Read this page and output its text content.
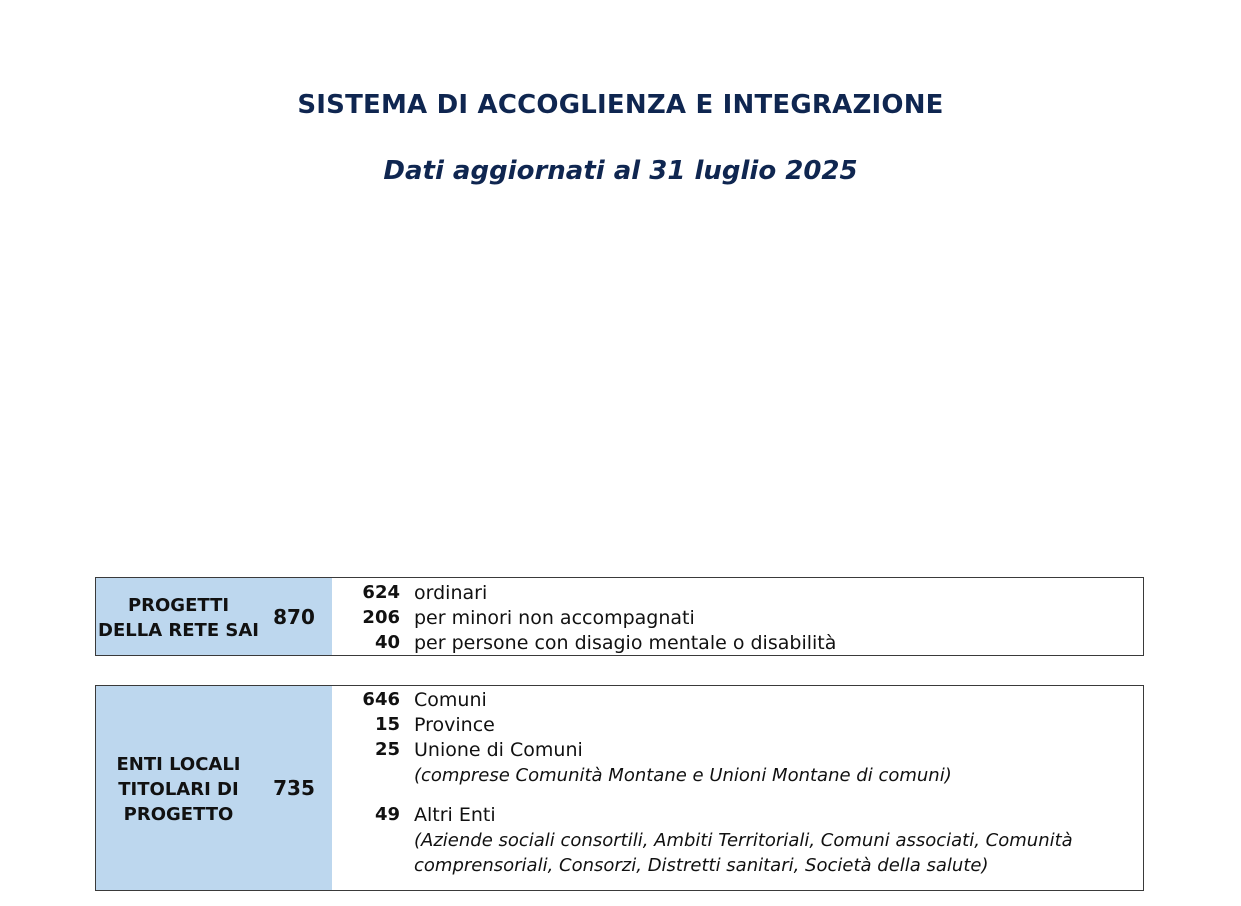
SISTEMA DI ACCOGLIENZA E INTEGRAZIONE
Dati aggiornati al 31 luglio 2025
PROGETTI
DELLA RETE SAI
870
624 ordinari
206 per minori non accompagnati
40 per persone con disagio mentale o disabilità
ENTI LOCALI
TITOLARI DI
PROGETTO
735
646 Comuni
15 Province
25 Unione di Comuni
(comprese Comunità Montane e Unioni Montane di comuni)
49 Altri Enti
(Aziende sociali consortili, Ambiti Territoriali, Comuni associati, Comunità
comprensoriali, Consorzi, Distretti sanitari, Società della salute)
